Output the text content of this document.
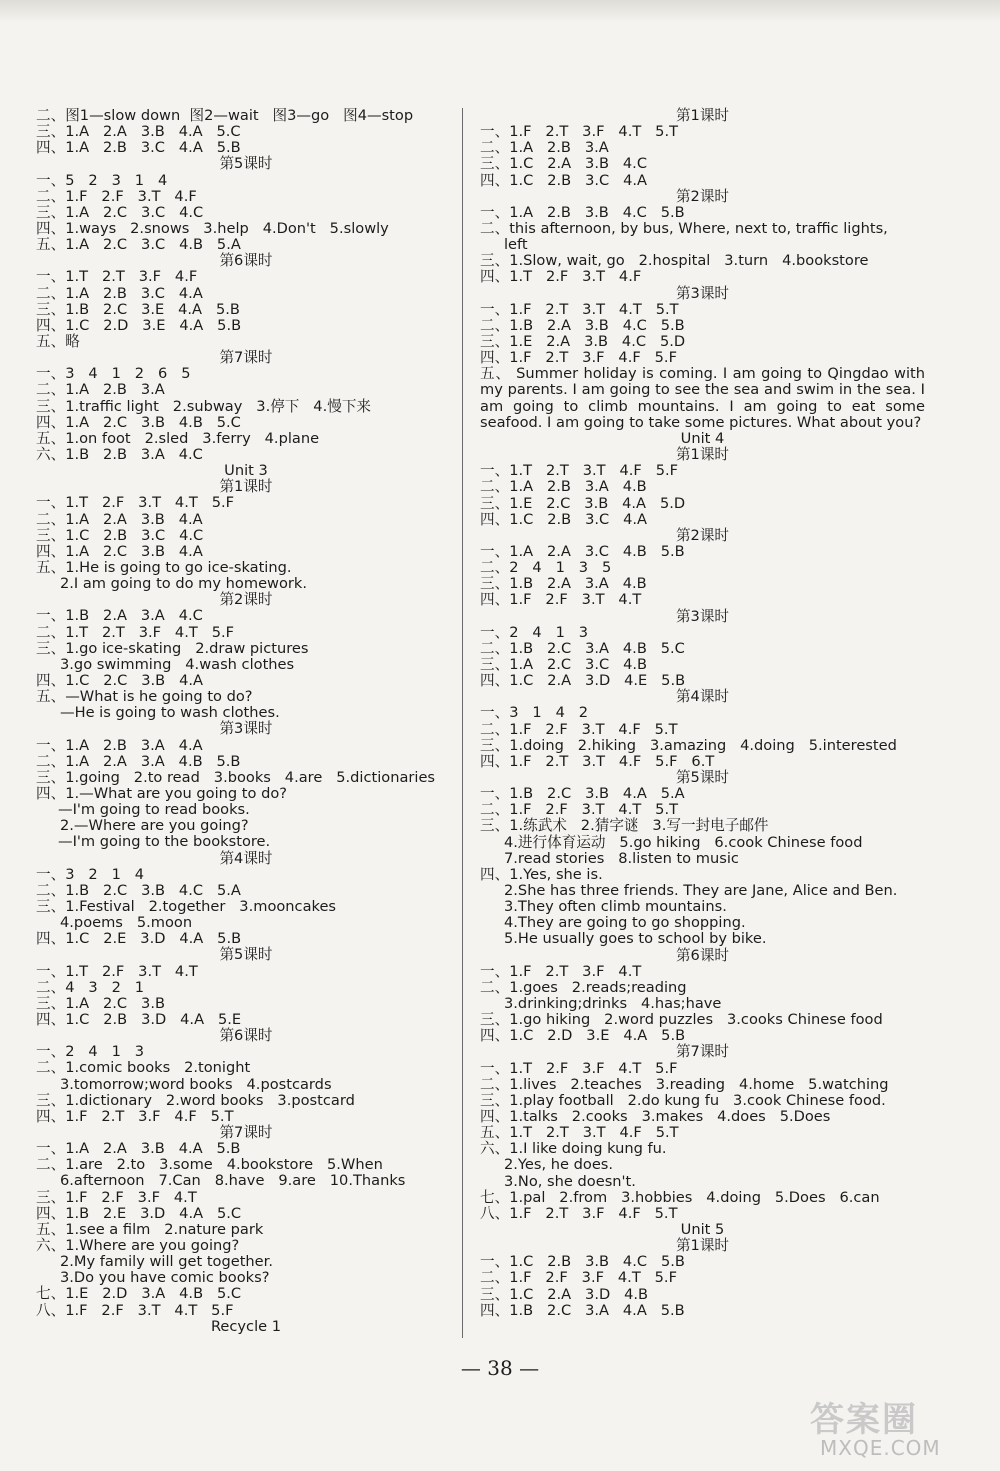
二、图1—slow down  图2—wait   图3—go   图4—stop
三、1.A   2.A   3.B   4.A   5.C
四、1.A   2.B   3.C   4.A   5.B
第5课时
一、5   2   3   1   4
二、1.F   2.F   3.T   4.F
三、1.A   2.C   3.C   4.C
四、1.ways   2.snows   3.help   4.Don't   5.slowly
五、1.A   2.C   3.C   4.B   5.A
第6课时
一、1.T   2.T   3.F   4.F
二、1.A   2.B   3.C   4.A
三、1.B   2.C   3.E   4.A   5.B
四、1.C   2.D   3.E   4.A   5.B
五、略
第7课时
一、3   4   1   2   6   5
二、1.A   2.B   3.A
三、1.traffic light   2.subway   3.停下   4.慢下来
四、1.A   2.C   3.B   4.B   5.C
五、1.on foot   2.sled   3.ferry   4.plane
六、1.B   2.B   3.A   4.C
Unit 3
第1课时
一、1.T   2.F   3.T   4.T   5.F
二、1.A   2.A   3.B   4.A
三、1.C   2.B   3.C   4.C
四、1.A   2.C   3.B   4.A
五、1.He is going to go ice-skating.
2.I am going to do my homework.
第2课时
一、1.B   2.A   3.A   4.C
二、1.T   2.T   3.F   4.T   5.F
三、1.go ice-skating   2.draw pictures
3.go swimming   4.wash clothes
四、1.C   2.C   3.B   4.A
五、—What is he going to do?
—He is going to wash clothes.
第3课时
一、1.A   2.B   3.A   4.A
二、1.A   2.A   3.A   4.B   5.B
三、1.going   2.to read   3.books   4.are   5.dictionaries
四、1.—What are you going to do?
—I'm going to read books.
2.—Where are you going?
—I'm going to the bookstore.
第4课时
一、3   2   1   4
二、1.B   2.C   3.B   4.C   5.A
三、1.Festival   2.together   3.mooncakes
4.poems   5.moon
四、1.C   2.E   3.D   4.A   5.B
第5课时
一、1.T   2.F   3.T   4.T
二、4   3   2   1
三、1.A   2.C   3.B
四、1.C   2.B   3.D   4.A   5.E
第6课时
一、2   4   1   3
二、1.comic books   2.tonight
3.tomorrow;word books   4.postcards
三、1.dictionary   2.word books   3.postcard
四、1.F   2.T   3.F   4.F   5.T
第7课时
一、1.A   2.A   3.B   4.A   5.B
二、1.are   2.to   3.some   4.bookstore   5.When
6.afternoon   7.Can   8.have   9.are   10.Thanks
三、1.F   2.F   3.F   4.T
四、1.B   2.E   3.D   4.A   5.C
五、1.see a film   2.nature park
六、1.Where are you going?
2.My family will get together.
3.Do you have comic books?
七、1.E   2.D   3.A   4.B   5.C
八、1.F   2.F   3.T   4.T   5.F
Recycle 1
第1课时
一、1.F   2.T   3.F   4.T   5.T
二、1.A   2.B   3.A
三、1.C   2.A   3.B   4.C
四、1.C   2.B   3.C   4.A
第2课时
一、1.A   2.B   3.B   4.C   5.B
二、this afternoon, by bus, Where, next to, traffic lights,
left
三、1.Slow, wait, go   2.hospital   3.turn   4.bookstore
四、1.T   2.F   3.T   4.F
第3课时
一、1.F   2.T   3.T   4.T   5.T
二、1.B   2.A   3.B   4.C   5.B
三、1.E   2.A   3.B   4.C   5.D
四、1.F   2.T   3.F   4.F   5.F
五、 Summer holiday is coming. I am going to Qingdao with my parents. I am going to see the sea and swim in the sea. I am going to climb mountains. I am going to eat some seafood. I am going to take some pictures. What about you?
Unit 4
第1课时
一、1.T   2.T   3.T   4.F   5.F
二、1.A   2.B   3.A   4.B
三、1.E   2.C   3.B   4.A   5.D
四、1.C   2.B   3.C   4.A
第2课时
一、1.A   2.A   3.C   4.B   5.B
二、2   4   1   3   5
三、1.B   2.A   3.A   4.B
四、1.F   2.F   3.T   4.T
第3课时
一、2   4   1   3
二、1.B   2.C   3.A   4.B   5.C
三、1.A   2.C   3.C   4.B
四、1.C   2.A   3.D   4.E   5.B
第4课时
一、3   1   4   2
二、1.F   2.F   3.T   4.F   5.T
三、1.doing   2.hiking   3.amazing   4.doing   5.interested
四、1.F   2.T   3.T   4.F   5.F   6.T
第5课时
一、1.B   2.C   3.B   4.A   5.A
二、1.F   2.F   3.T   4.T   5.T
三、1.练武术   2.猜字谜   3.写一封电子邮件
4.进行体育运动   5.go hiking   6.cook Chinese food
7.read stories   8.listen to music
四、1.Yes, she is.
2.She has three friends. They are Jane, Alice and Ben.
3.They often climb mountains.
4.They are going to go shopping.
5.He usually goes to school by bike.
第6课时
一、1.F   2.T   3.F   4.T
二、1.goes   2.reads;reading
3.drinking;drinks   4.has;have
三、1.go hiking   2.word puzzles   3.cooks Chinese food
四、1.C   2.D   3.E   4.A   5.B
第7课时
一、1.T   2.F   3.F   4.T   5.F
二、1.lives   2.teaches   3.reading   4.home   5.watching
三、1.play football   2.do kung fu   3.cook Chinese food.
四、1.talks   2.cooks   3.makes   4.does   5.Does
五、1.T   2.T   3.T   4.F   5.T
六、1.I like doing kung fu.
2.Yes, he does.
3.No, she doesn't.
七、1.pal   2.from   3.hobbies   4.doing   5.Does   6.can
八、1.F   2.T   3.F   4.F   5.T
Unit 5
第1课时
一、1.C   2.B   3.B   4.C   5.B
二、1.F   2.F   3.F   4.T   5.F
三、1.C   2.A   3.D   4.B
四、1.B   2.C   3.A   4.A   5.B
— 38 —
答案圈
MXQE.COM
